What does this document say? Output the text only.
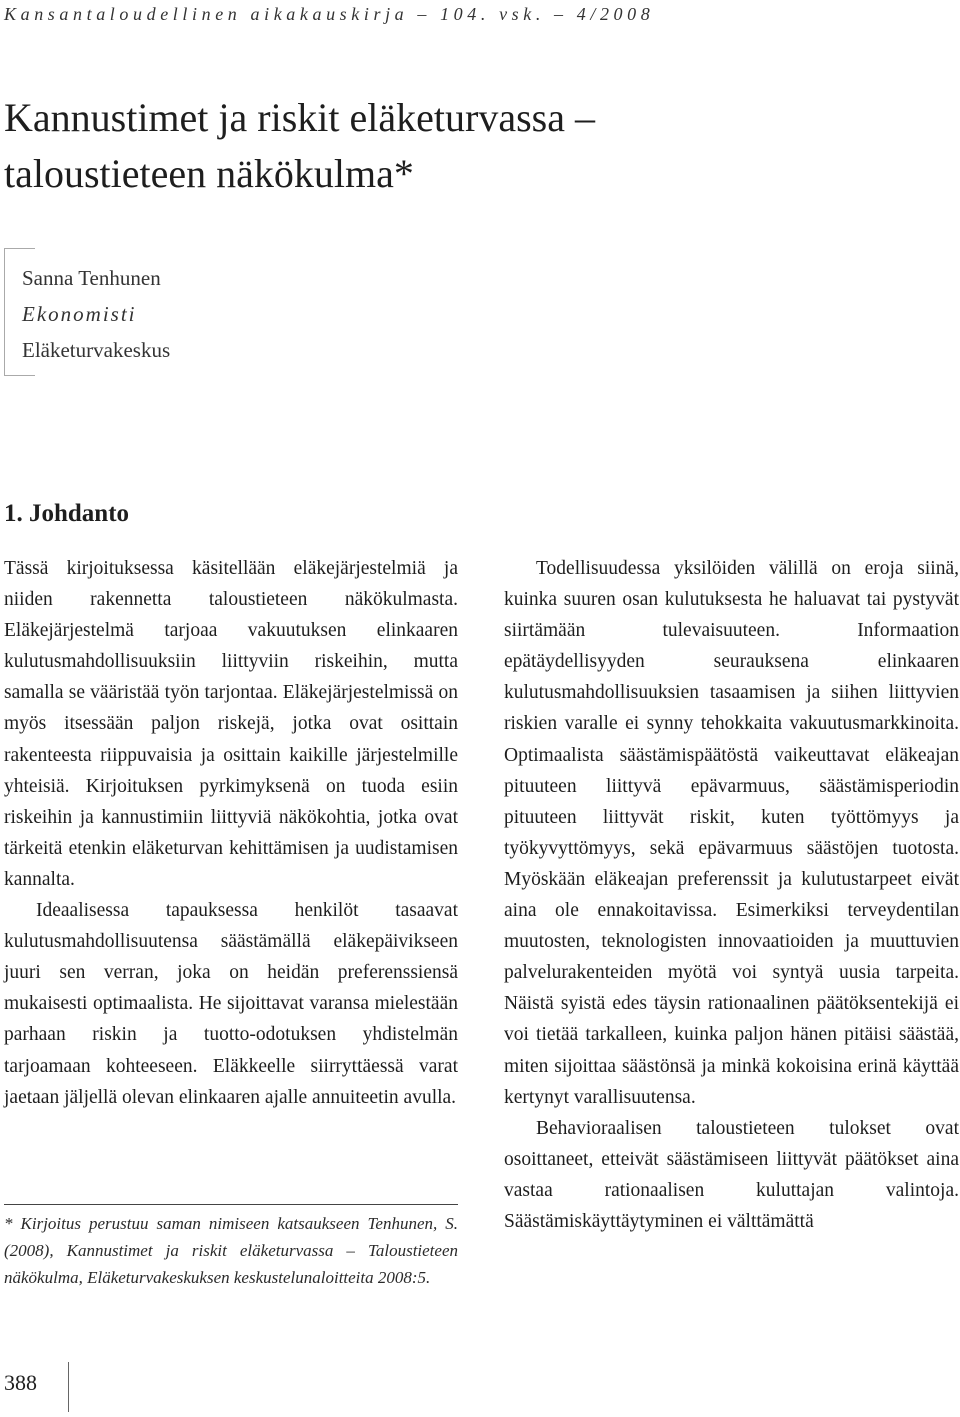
Kansantaloudellinen aikakauskirja – 104. vsk. – 4/2008
Kannustimet ja riskit eläketurvassa –
taloustieteen näkökulma*
Sanna Tenhunen
Ekonomisti
Eläketurvakeskus
1. Johdanto

Tässä kirjoituksessa käsitellään eläkejärjestelmiä ja niiden rakennetta taloustieteen näkökulmasta. Eläkejärjestelmä tarjoaa vakuutuksen elinkaaren kulutusmahdollisuuksiin liittyviin riskeihin, mutta samalla se vääristää työn tarjontaa. Eläkejärjestelmissä on myös itsessään paljon riskejä, jotka ovat osittain rakenteesta riippuvaisia ja osittain kaikille järjestelmille yhteisiä. Kirjoituksen pyrkimyksenä on tuoda esiin riskeihin ja kannustimiin liittyviä näkökohtia, jotka ovat tärkeitä etenkin eläketurvan kehittämisen ja uudistamisen kannalta.

Ideaalisessa tapauksessa henkilöt tasaavat kulutusmahdollisuutensa säästämällä eläkepäivikseen juuri sen verran, joka on heidän preferenssiensä mukaisesti optimaalista. He sijoittavat varansa mielestään parhaan riskin ja tuotto-odotuksen yhdistelmän tarjoamaan kohteeseen. Eläkkeelle siirryttäessä varat jaetaan jäljellä olevan elinkaaren ajalle annuiteetin avulla.

* Kirjoitus perustuu saman nimiseen katsaukseen Tenhunen, S. (2008), Kannustimet ja riskit eläketurvassa – Taloustieteen näkökulma, Eläketurvakeskuksen keskustelunaloitteita 2008:5.

Todellisuudessa yksilöiden välillä on eroja siinä, kuinka suuren osan kulutuksesta he haluavat tai pystyvät siirtämään tulevaisuuteen. Informaation epätäydellisyyden seurauksena elinkaaren kulutusmahdollisuuksien tasaamisen ja siihen liittyvien riskien varalle ei synny tehokkaita vakuutusmarkkinoita. Optimaalista säästämispäätöstä vaikeuttavat eläkeajan pituuteen liittyvä epävarmuus, säästämisperiodin pituuteen liittyvät riskit, kuten työttömyys ja työkyvyttömyys, sekä epävarmuus säästöjen tuotosta. Myöskään eläkeajan preferenssit ja kulutustarpeet eivät aina ole ennakoitavissa. Esimerkiksi terveydentilan muutosten, teknologisten innovaatioiden ja muuttuvien palvelurakenteiden myötä voi syntyä uusia tarpeita. Näistä syistä edes täysin rationaalinen päätöksentekijä ei voi tietää tarkalleen, kuinka paljon hänen pitäisi säästää, miten sijoittaa säästönsä ja minkä kokoisina erinä käyttää kertynyt varallisuutensa.

Behavioraalisen taloustieteen tulokset ovat osoittaneet, etteivät säästämiseen liittyvät päätökset aina vastaa rationaalisen kuluttajan valintoja. Säästämiskäyttäytyminen ei välttämättä

388
